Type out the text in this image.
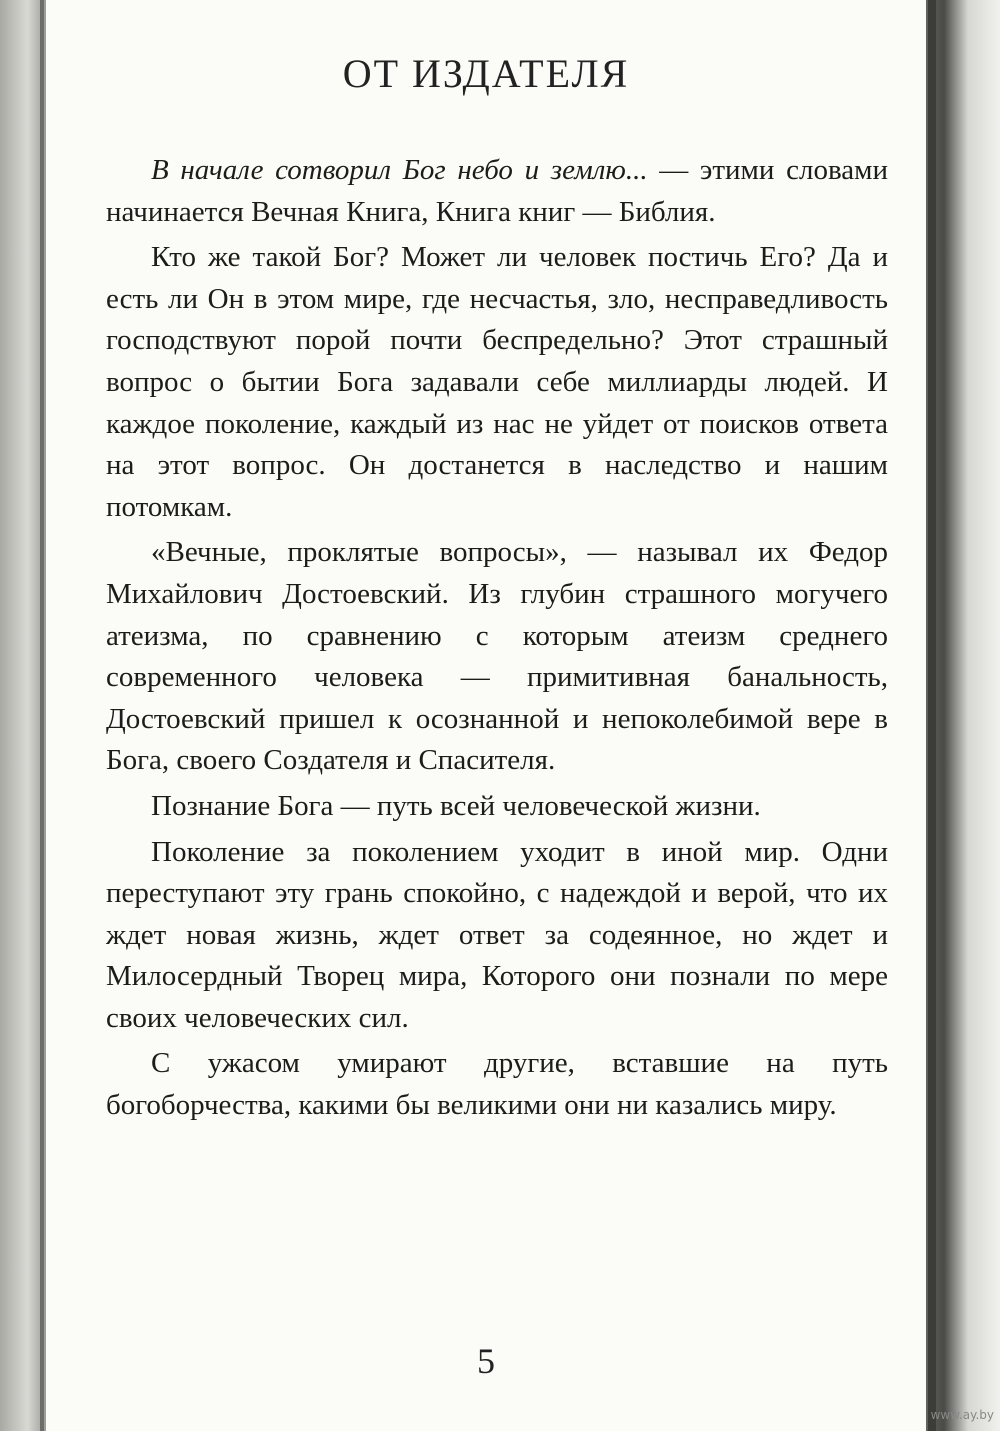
ОТ ИЗДАТЕЛЯ

В начале сотворил Бог небо и землю... — этими словами начинается Вечная Книга, Книга книг — Библия.

Кто же такой Бог? Может ли человек постичь Его? Да и есть ли Он в этом мире, где несчастья, зло, несправедливость господствуют порой почти беспредельно? Этот страшный вопрос о бытии Бога задавали себе миллиарды людей. И каждое поколение, каждый из нас не уйдет от поисков ответа на этот вопрос. Он достанется в наследство и нашим потомкам.

«Вечные, проклятые вопросы», — называл их Федор Михайлович Достоевский. Из глубин страшного могучего атеизма, по сравнению с которым атеизм среднего современного человека — примитивная банальность, Достоевский пришел к осознанной и непоколебимой вере в Бога, своего Создателя и Спасителя.

Познание Бога — путь всей человеческой жизни.

Поколение за поколением уходит в иной мир. Одни переступают эту грань спокойно, с надеждой и верой, что их ждет новая жизнь, ждет ответ за содеянное, но ждет и Милосердный Творец мира, Которого они познали по мере своих человеческих сил.

С ужасом умирают другие, вставшие на путь богоборчества, какими бы великими они ни казались миру.

5
www.ay.by
